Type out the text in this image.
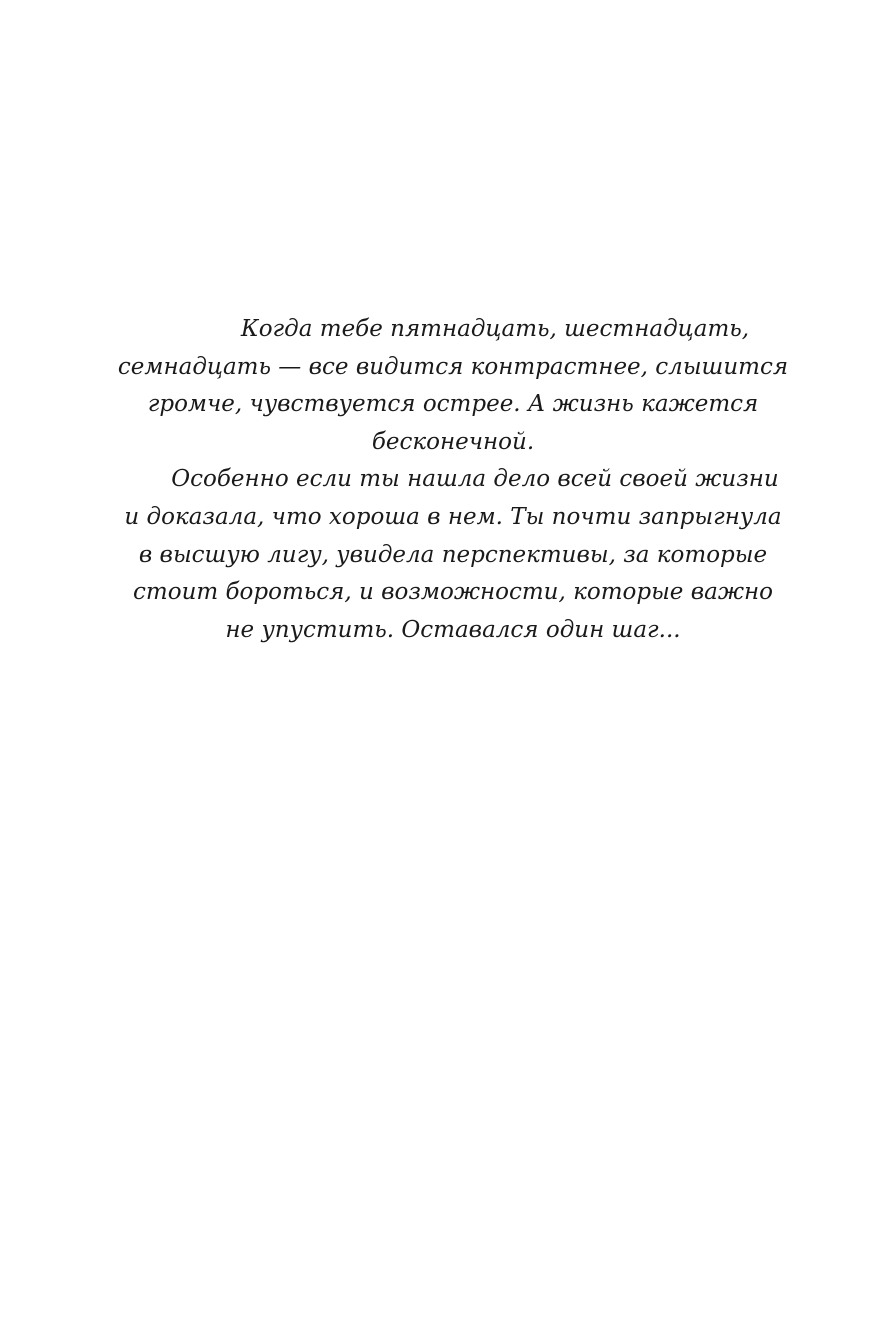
Когда тебе пятнадцать, шестнадцать,
семнадцать — все видится контрастнее, слышится
громче, чувствуется острее. А жизнь кажется
бесконечной.
Особенно если ты нашла дело всей своей жизни
и доказала, что хороша в нем. Ты почти запрыгнула
в высшую лигу, увидела перспективы, за которые
стоит бороться, и возможности, которые важно
не упустить. Оставался один шаг...
